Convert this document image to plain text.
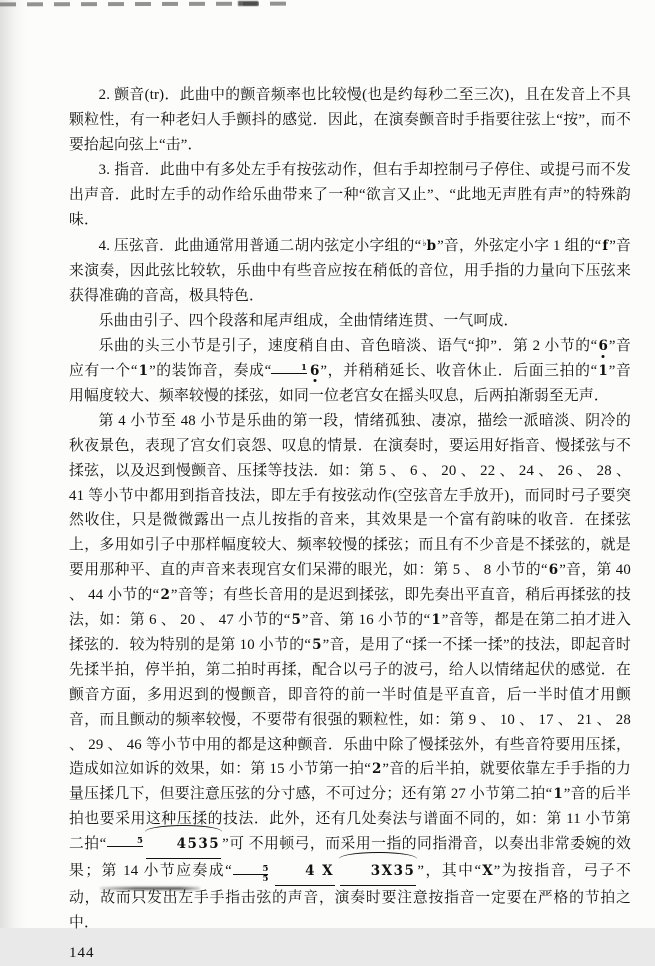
2. 颤音(tr)．此曲中的颤音频率也比较慢(也是约每秒二至三次)，且在发音上不具颗粒性，有一种老妇人手颤抖的感觉．因此，在演奏颤音时手指要往弦上“按”，而不要抬起向弦上“击”．

3. 指音．此曲中有多处左手有按弦动作，但右手却控制弓子停住、或提弓而不发出声音．此时左手的动作给乐曲带来了一种“欲言又止”、“此地无声胜有声”的特殊韵味．

4. 压弦音．此曲通常用普通二胡内弦定小字组的“♭b”音，外弦定小字 1 组的“f”音来演奏，因此弦比较软，乐曲中有些音应按在稍低的音位，用手指的力量向下压弦来获得准确的音高，极具特色．

乐曲由引子、四个段落和尾声组成，全曲情绪连贯、一气呵成．

乐曲的头三小节是引子，速度稍自由、音色暗淡、语气“抑”．第 2 小节的“6”音应有一个“1”的装饰音，奏成“	1 6”，并稍稍延长、收音休止．后面三拍的“1”音用幅度较大、频率较慢的揉弦，如同一位老宫女在摇头叹息，后两拍渐弱至无声．

第 4 小节至 48 小节是乐曲的第一段，情绪孤独、凄凉，描绘一派暗淡、阴冷的秋夜景色，表现了宫女们哀怨、叹息的情景．在演奏时，要运用好指音、慢揉弦与不揉弦，以及迟到慢颤音、压揉等技法．如：第 5 、 6 、 20 、 22 、 24 、 26 、 28 、 41 等小节中都用到指音技法，即左手有按弦动作(空弦音左手放开)，而同时弓子要突然收住，只是微微露出一点儿按指的音来，其效果是一个富有韵味的收音．在揉弦上，多用如引子中那样幅度较大、频率较慢的揉弦；而且有不少音是不揉弦的，就是要用那种平、直的声音来表现宫女们呆滞的眼光，如：第 5 、 8 小节的“6”音，第 40 、 44 小节的“2”音等；有些长音用的是迟到揉弦，即先奏出平直音，稍后再揉弦的技法，如：第 6 、 20 、 47 小节的“5”音、第 16 小节的“1”音等，都是在第二拍才进入揉弦的．较为特别的是第 10 小节的“5”音，是用了“揉一不揉一揉”的技法，即起音时先揉半拍，停半拍，第二拍时再揉，配合以弓子的波弓，给人以情绪起伏的感觉．在颤音方面，多用迟到的慢颤音，即音符的前一半时值是平直音，后一半时值才用颤音，而且颤动的频率较慢，不要带有很强的颗粒性，如：第 9 、 10 、 17 、 21 、 28 、 29 、 46 等小节中用的都是这种颤音．乐曲中除了慢揉弦外，有些音符要用压揉，造成如泣如诉的效果，如：第 15 小节第一拍“2”音的后半拍，就要依靠左手手指的力量压揉几下，但要注意压弦的分寸感，不可过分；还有第 27 小节第二拍“1”音的后半拍也要采用这种压揉的技法．此外，还有几处奏法与谱面不同的，如：第 11 小节第二拍“	5 4535 ”可 不用顿弓，而采用一指的同指滑音，以奏出非常委婉的效果；第 14 小节应奏成“	5
5	4 X	3X35 ”，其中“X”为按指音，弓子不动，故而只发出左手手指击弦的声音，演奏时要注意按指音一定要在严格的节拍之中．

144
